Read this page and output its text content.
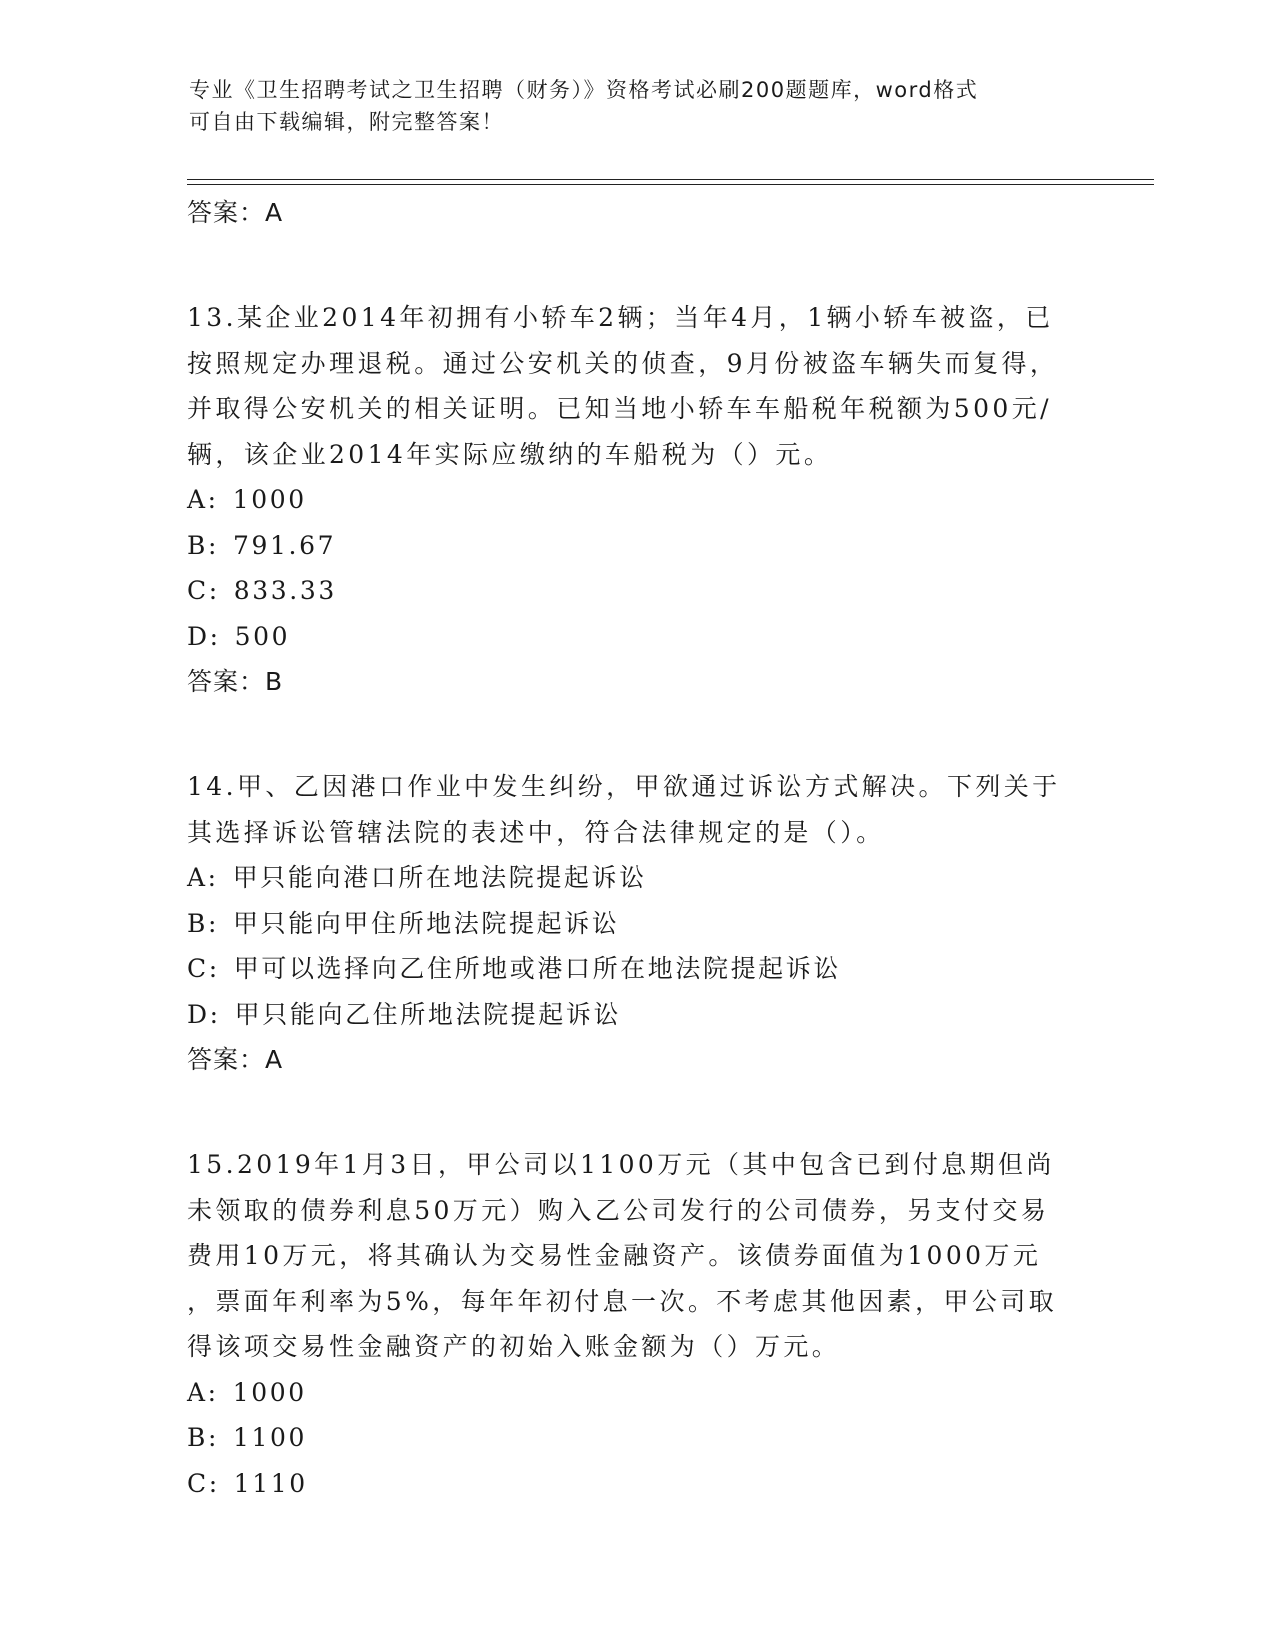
专业《卫生招聘考试之卫生招聘（财务）》资格考试必刷200题题库，word格式
可自由下载编辑，附完整答案！

答案：A

13.某企业2014年初拥有小轿车2辆；当年4月，1辆小轿车被盗，已
按照规定办理退税。通过公安机关的侦查，9月份被盗车辆失而复得，
并取得公安机关的相关证明。已知当地小轿车车船税年税额为500元/
辆，该企业2014年实际应缴纳的车船税为（）元。

A: 1000

B: 791.67

C: 833.33

D: 500

答案：B

14.甲、乙因港口作业中发生纠纷，甲欲通过诉讼方式解决。下列关于
其选择诉讼管辖法院的表述中，符合法律规定的是（）。

A: 甲只能向港口所在地法院提起诉讼

B: 甲只能向甲住所地法院提起诉讼

C: 甲可以选择向乙住所地或港口所在地法院提起诉讼

D: 甲只能向乙住所地法院提起诉讼

答案：A

15.2019年1月3日，甲公司以1100万元（其中包含已到付息期但尚
未领取的债券利息50万元）购入乙公司发行的公司债券，另支付交易
费用10万元，将其确认为交易性金融资产。该债券面值为1000万元
，票面年利率为5%，每年年初付息一次。不考虑其他因素，甲公司取
得该项交易性金融资产的初始入账金额为（）万元。

A: 1000

B: 1100

C: 1110
